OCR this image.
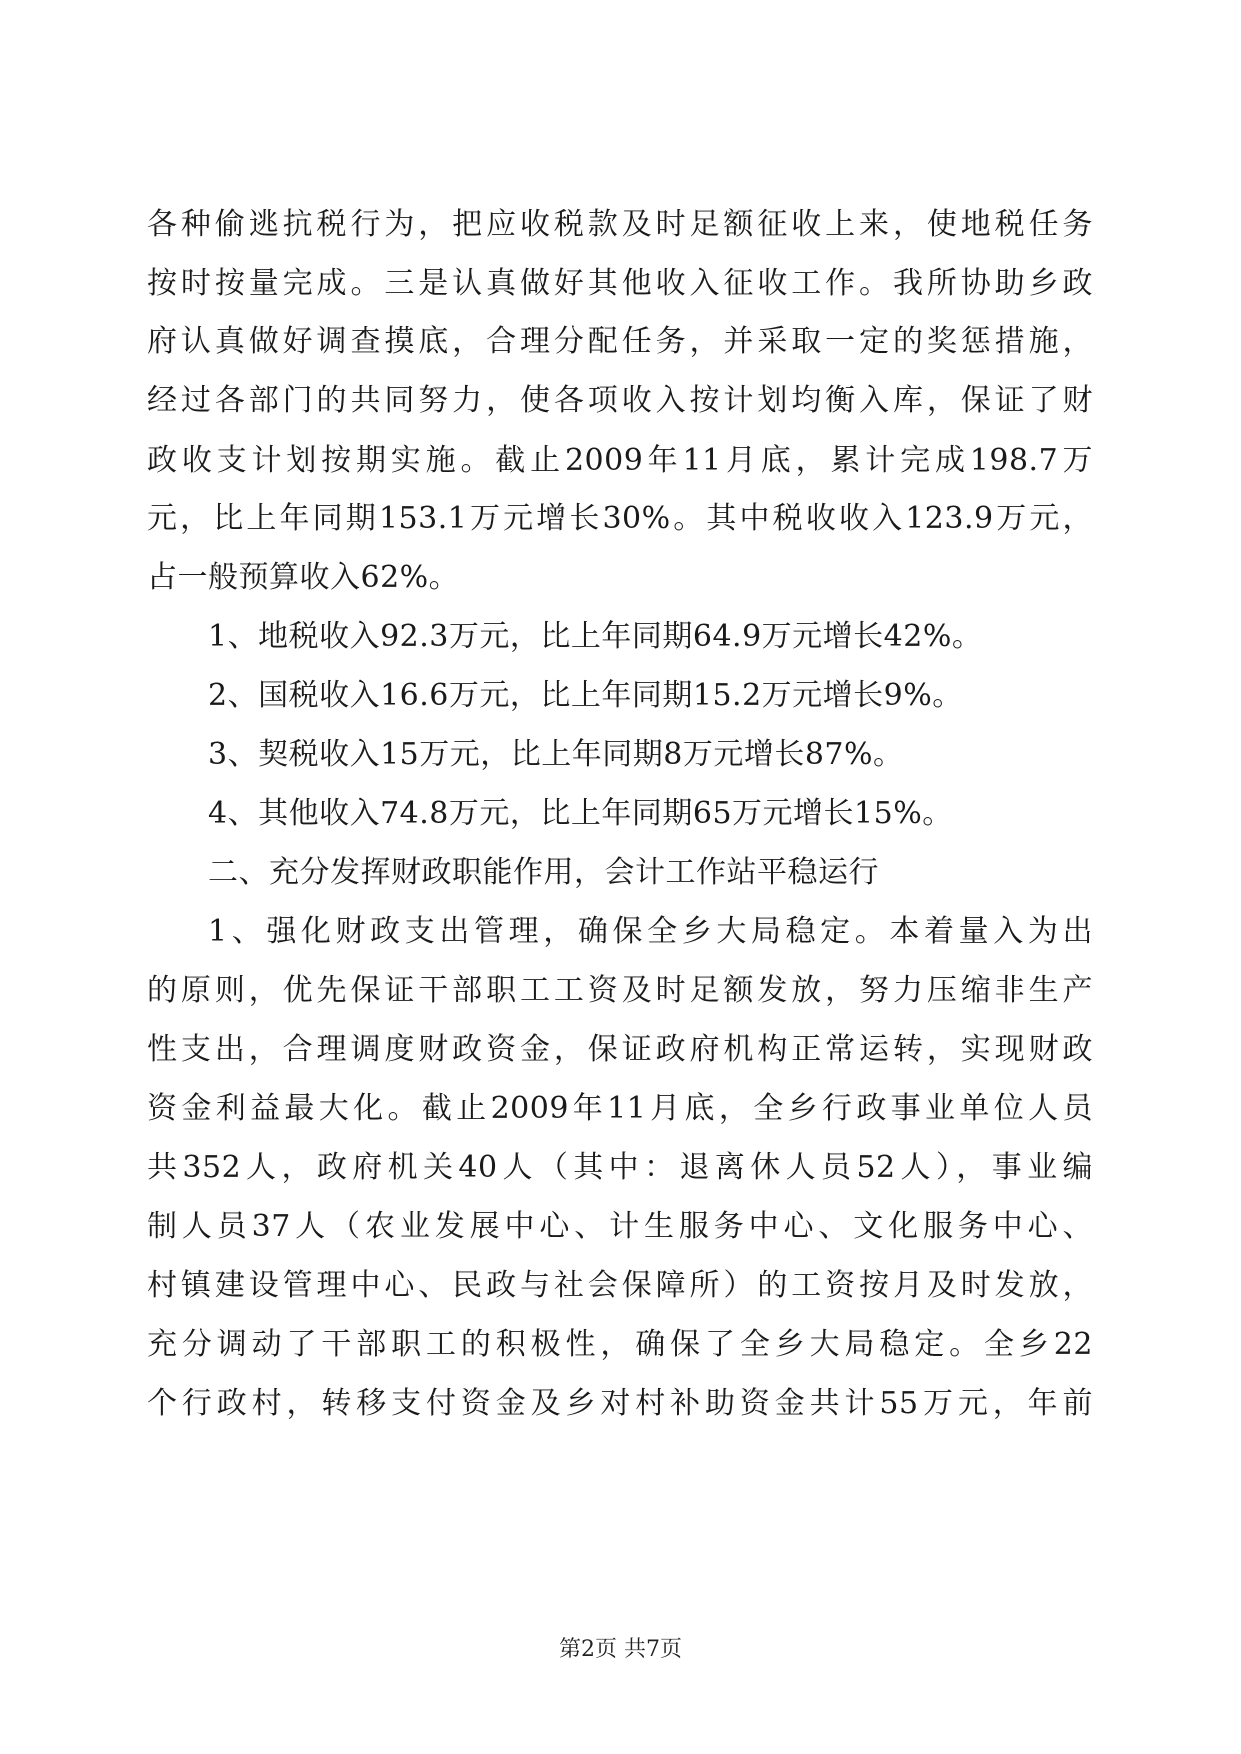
各种偷逃抗税行为，把应收税款及时足额征收上来，使地税任务

按时按量完成。三是认真做好其他收入征收工作。我所协助乡政

府认真做好调查摸底，合理分配任务，并采取一定的奖惩措施，

经过各部门的共同努力，使各项收入按计划均衡入库，保证了财

政收支计划按期实施。截止2009年11月底，累计完成198.7万

元，比上年同期153.1万元增长30%。其中税收收入123.9万元，

占一般预算收入62%。

1、地税收入92.3万元，比上年同期64.9万元增长42%。

2、国税收入16.6万元，比上年同期15.2万元增长9%。

3、契税收入15万元，比上年同期8万元增长87%。

4、其他收入74.8万元，比上年同期65万元增长15%。

二、充分发挥财政职能作用，会计工作站平稳运行

1、强化财政支出管理，确保全乡大局稳定。本着量入为出

的原则，优先保证干部职工工资及时足额发放，努力压缩非生产

性支出，合理调度财政资金，保证政府机构正常运转，实现财政

资金利益最大化。截止2009年11月底，全乡行政事业单位人员

共352人，政府机关40人（其中：退离休人员52人），事业编

制人员37人（农业发展中心、计生服务中心、文化服务中心、

村镇建设管理中心、民政与社会保障所）的工资按月及时发放，

充分调动了干部职工的积极性，确保了全乡大局稳定。全乡22

个行政村，转移支付资金及乡对村补助资金共计55万元，年前

第2页 共7页
